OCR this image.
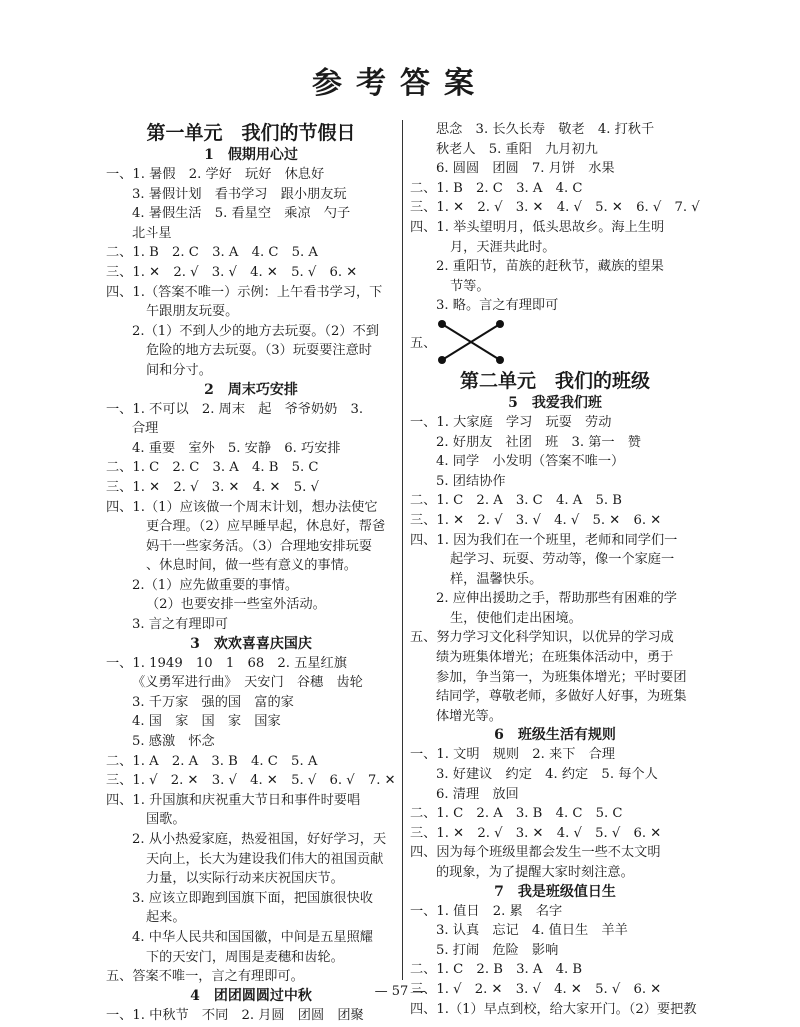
参考答案
第一单元　我们的节假日
1　假期用心过
一、1. 暑假　2. 学好　玩好　休息好
3. 暑假计划　看书学习　跟小朋友玩
4. 暑假生活　5. 看星空　乘凉　勺子
北斗星
二、1. B　2. C　3. A　4. C　5. A
三、1. ✕　2. √　3. √　4. ✕　5. √　6. ✕
四、1.（答案不唯一）示例：上午看书学习，下
午跟朋友玩耍。
2.（1）不到人少的地方去玩耍。（2）不到
危险的地方去玩耍。（3）玩耍要注意时
间和分寸。
2　周末巧安排
一、1. 不可以　2. 周末　起　爷爷奶奶　3.
合理
4. 重要　室外　5. 安静　6. 巧安排
二、1. C　2. C　3. A　4. B　5. C
三、1. ✕　2. √　3. ✕　4. ✕　5. √
四、1.（1）应该做一个周末计划，想办法使它
更合理。（2）应早睡早起，休息好，帮爸
妈干一些家务活。（3）合理地安排玩耍
、休息时间，做一些有意义的事情。
2.（1）应先做重要的事情。
（2）也要安排一些室外活动。
3. 言之有理即可
3　欢欢喜喜庆国庆
一、1. 1949　10　1　68　2. 五星红旗
《义勇军进行曲》　天安门　谷穗　齿轮
3. 千万家　强的国　富的家
4. 国　家　国　家　国家
5. 感激　怀念
二、1. A　2. A　3. B　4. C　5. A
三、1. √　2. ✕　3. √　4. ✕　5. √　6. √　7. ✕
四、1. 升国旗和庆祝重大节日和事件时要唱
国歌。
2. 从小热爱家庭，热爱祖国，好好学习，天
天向上，长大为建设我们伟大的祖国贡献
力量，以实际行动来庆祝国庆节。
3. 应该立即跑到国旗下面，把国旗很快收
起来。
4. 中华人民共和国国徽，中间是五星照耀
下的天安门，周围是麦穗和齿轮。
五、答案不唯一，言之有理即可。
4　团团圆圆过中秋
一、1. 中秋节　不同　2. 月圆　团圆　团聚
思念　3. 长久长寿　敬老　4. 打秋千
秋老人　5. 重阳　九月初九
6. 圆圆　团圆　7. 月饼　水果
二、1. B　2. C　3. A　4. C
三、1. ✕　2. √　3. ✕　4. √　5. ✕　6. √　7. √
四、1. 举头望明月，低头思故乡。海上生明
月，天涯共此时。
2. 重阳节，苗族的赶秋节，藏族的望果
节等。
3. 略。言之有理即可
五、
第二单元　我们的班级
5　我爱我们班
一、1. 大家庭　学习　玩耍　劳动
2. 好朋友　社团　班　3. 第一　赞
4. 同学　小发明（答案不唯一）
5. 团结协作
二、1. C　2. A　3. C　4. A　5. B
三、1. ✕　2. √　3. √　4. √　5. ✕　6. ✕
四、1. 因为我们在一个班里，老师和同学们一
起学习、玩耍、劳动等，像一个家庭一
样，温馨快乐。
2. 应伸出援助之手，帮助那些有困难的学
生，使他们走出困境。
五、努力学习文化科学知识，以优异的学习成
绩为班集体增光；在班集体活动中，勇于
参加，争当第一，为班集体增光；平时要团
结同学，尊敬老师，多做好人好事，为班集
体增光等。
6　班级生活有规则
一、1. 文明　规则　2. 来下　合理
3. 好建议　约定　4. 约定　5. 每个人
6. 清理　放回
二、1. C　2. A　3. B　4. C　5. C
三、1. ✕　2. √　3. ✕　4. √　5. √　6. ✕
四、因为每个班级里都会发生一些不太文明
的现象，为了提醒大家时刻注意。
7　我是班级值日生
一、1. 值日　2. 累　名字
3. 认真　忘记　4. 值日生　羊羊
5. 打闹　危险　影响
二、1. C　2. B　3. A　4. B
三、1. √　2. ✕　3. √　4. ✕　5. √　6. ✕
四、1.（1）早点到校，给大家开门。（2）要把教
— 57 —
